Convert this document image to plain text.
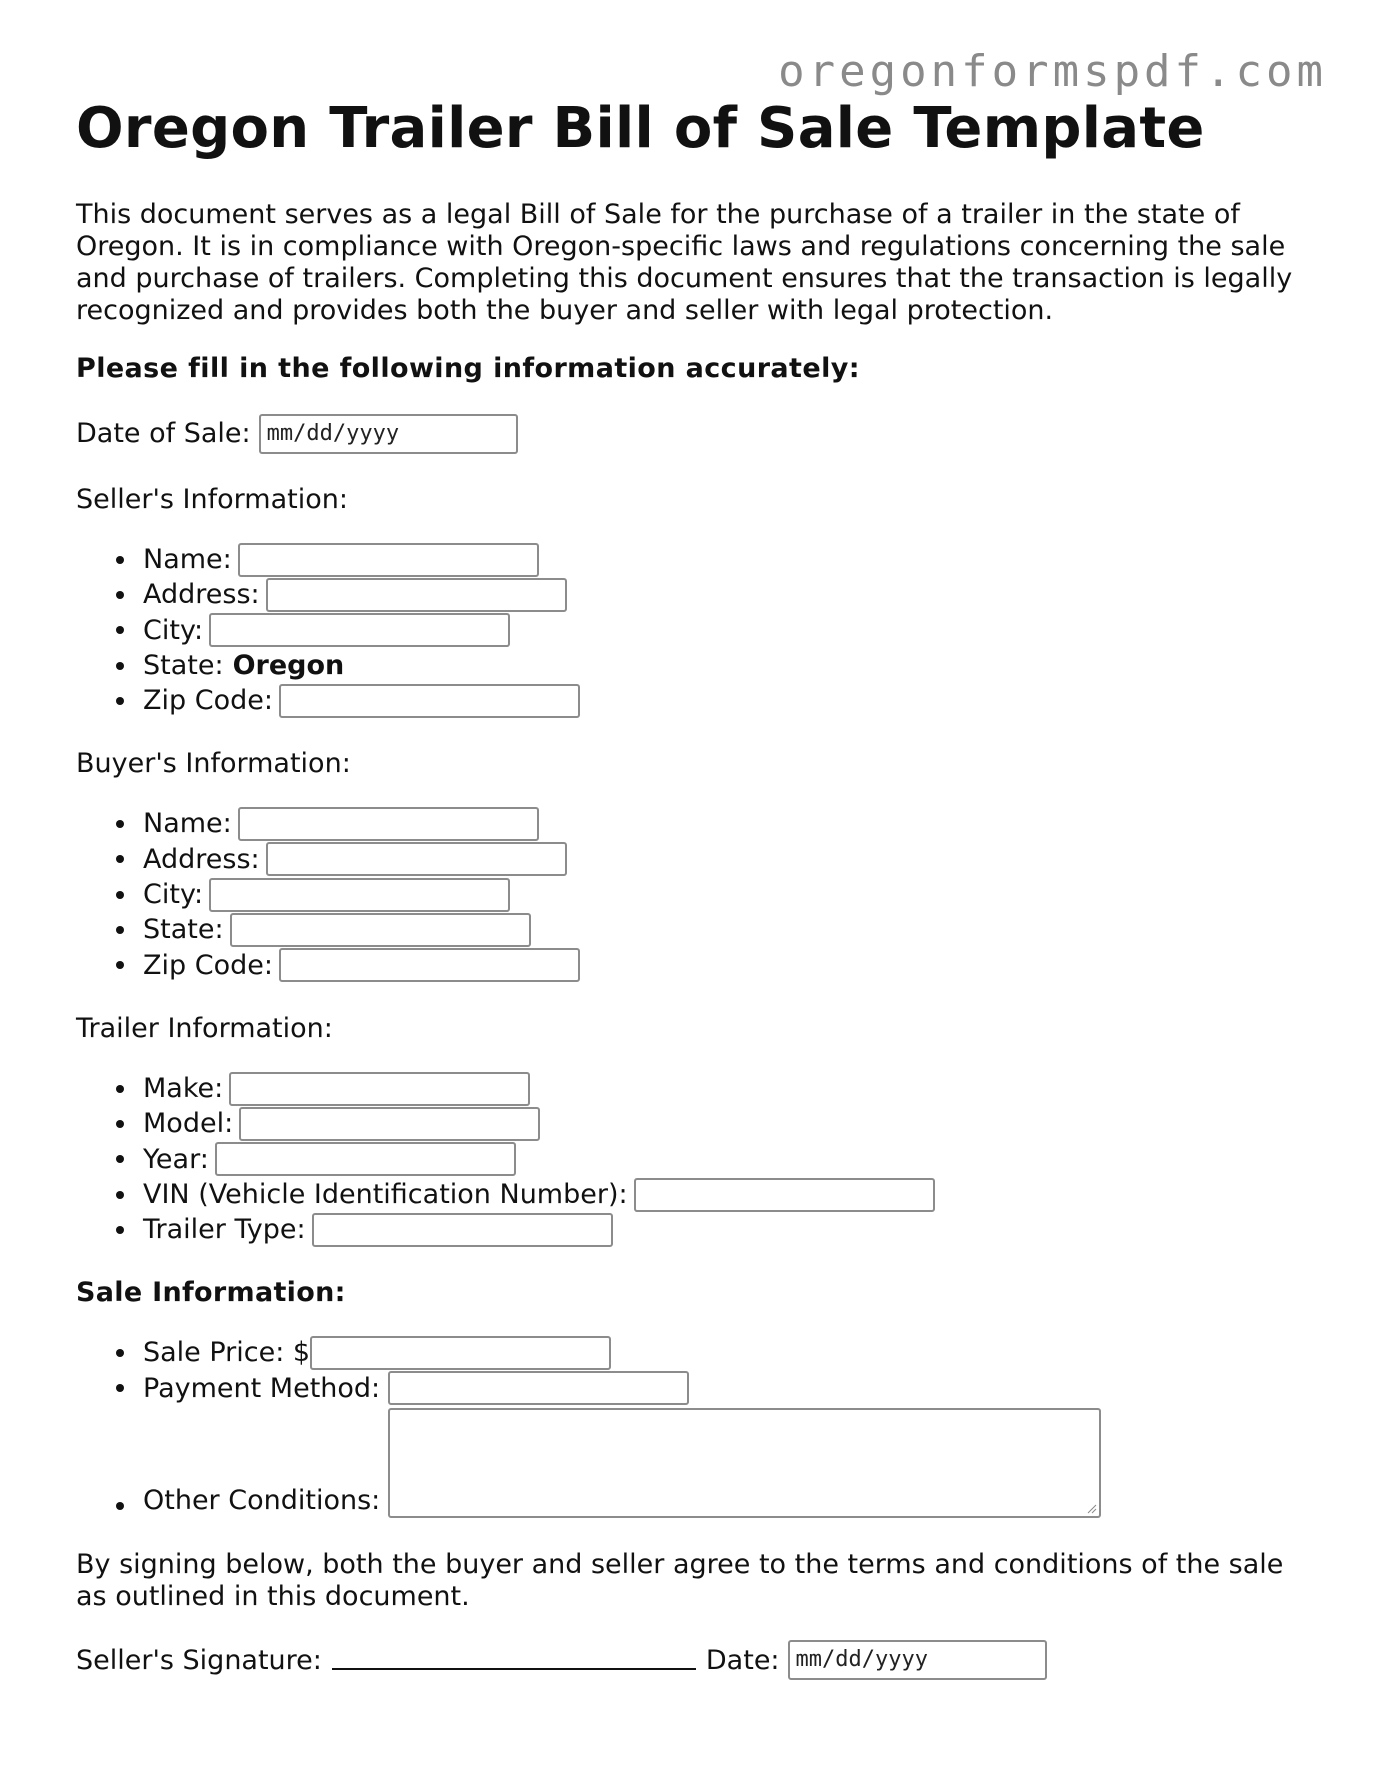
oregonformspdf.com
Oregon Trailer Bill of Sale Template

This document serves as a legal Bill of Sale for the purchase of a trailer in the state of Oregon. It is in compliance with Oregon-specific laws and regulations concerning the sale and purchase of trailers. Completing this document ensures that the transaction is legally recognized and provides both the buyer and seller with legal protection.

Please fill in the following information accurately:

Date of Sale: mm/dd/yyyy
Seller's Information:
Name:
Address:
City:
State: Oregon
Zip Code:
Buyer's Information:
Name:
Address:
City:
State:
Zip Code:
Trailer Information:
Make:
Model:
Year:
VIN (Vehicle Identification Number):
Trailer Type:
Sale Information:
Sale Price: $
Payment Method:
Other Conditions:

By signing below, both the buyer and seller agree to the terms and conditions of the sale as outlined in this document.

Seller's Signature:	Date: mm/dd/yyyy
